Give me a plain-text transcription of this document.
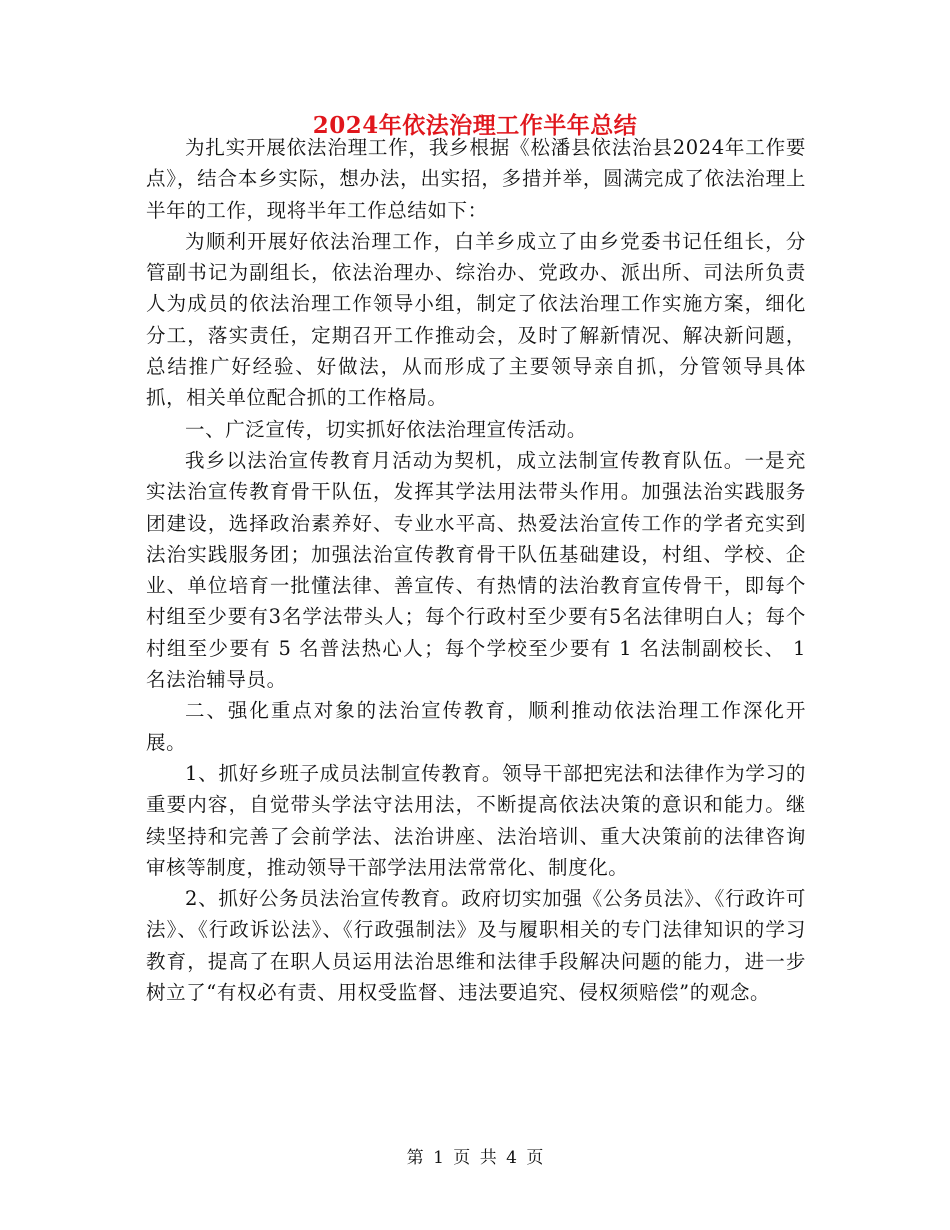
2024年依法治理工作半年总结

为扎实开展依法治理工作，我乡根据《松潘县依法治县2024年工作要点》，结合本乡实际，想办法，出实招，多措并举，圆满完成了依法治理上半年的工作，现将半年工作总结如下：

为顺利开展好依法治理工作，白羊乡成立了由乡党委书记任组长，分管副书记为副组长，依法治理办、综治办、党政办、派出所、司法所负责人为成员的依法治理工作领导小组，制定了依法治理工作实施方案，细化分工，落实责任，定期召开工作推动会，及时了解新情况、解决新问题，总结推广好经验、好做法，从而形成了主要领导亲自抓，分管领导具体抓，相关单位配合抓的工作格局。

一、广泛宣传，切实抓好依法治理宣传活动。

我乡以法治宣传教育月活动为契机，成立法制宣传教育队伍。一是充实法治宣传教育骨干队伍，发挥其学法用法带头作用。加强法治实践服务团建设，选择政治素养好、专业水平高、热爱法治宣传工作的学者充实到法治实践服务团；加强法治宣传教育骨干队伍基础建设，村组、学校、企业、单位培育一批懂法律、善宣传、有热情的法治教育宣传骨干，即每个村组至少要有3名学法带头人；每个行政村至少要有5名法律明白人；每个村组至少要有 5 名普法热心人；每个学校至少要有 1 名法制副校长、 1 名法治辅导员。

二、强化重点对象的法治宣传教育，顺利推动依法治理工作深化开展。

1、抓好乡班子成员法制宣传教育。领导干部把宪法和法律作为学习的重要内容，自觉带头学法守法用法，不断提高依法决策的意识和能力。继续坚持和完善了会前学法、法治讲座、法治培训、重大决策前的法律咨询审核等制度，推动领导干部学法用法常常化、制度化。

2、抓好公务员法治宣传教育。政府切实加强《公务员法》、《行政许可法》、《行政诉讼法》、《行政强制法》及与履职相关的专门法律知识的学习教育，提高了在职人员运用法治思维和法律手段解决问题的能力，进一步树立了“有权必有责、用权受监督、违法要追究、侵权须赔偿”的观念。

第 1 页 共 4 页
